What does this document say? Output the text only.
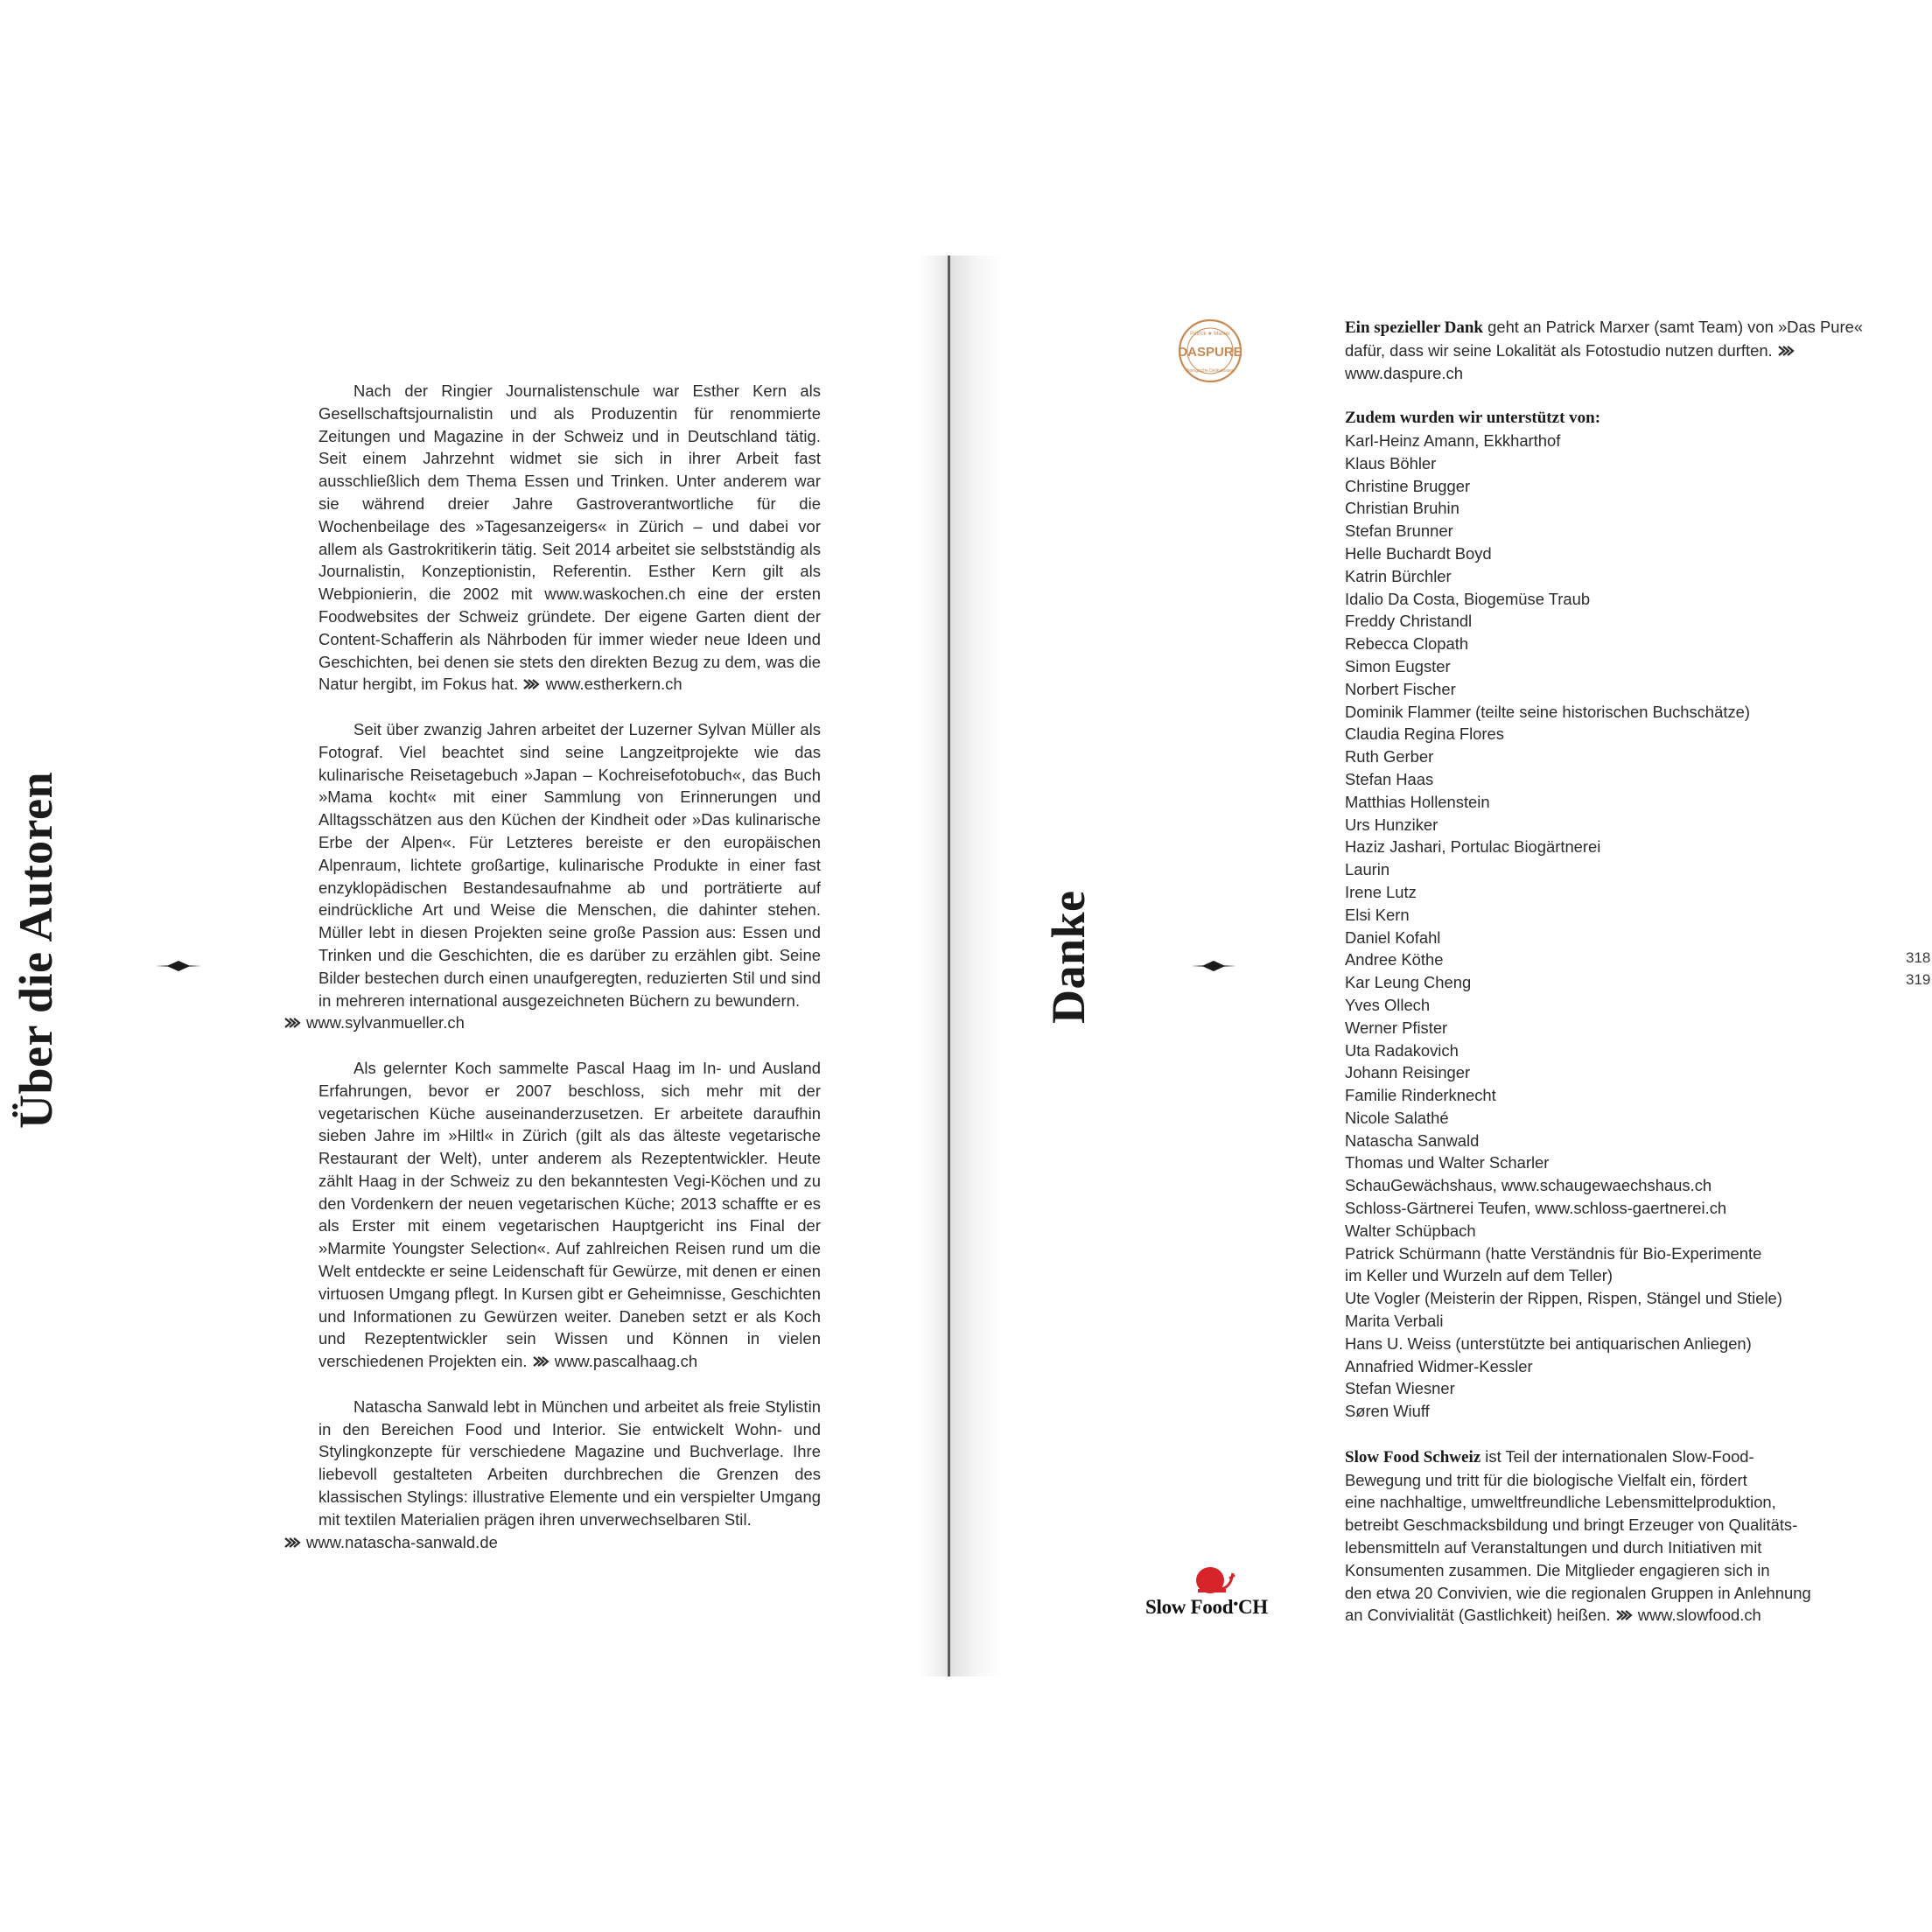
Über die Autoren

Nach der Ringier Journalistenschule war Esther Kern als Gesellschaftsjournalistin und als Produzentin für renommierte Zeitungen und Magazine in der Schweiz und in Deutschland tätig. Seit einem Jahrzehnt widmet sie sich in ihrer Arbeit fast ausschließlich dem Thema Essen und Trinken. Unter anderem war sie während dreier Jahre Gastroverantwortliche für die Wochenbeilage des »Tagesanzeigers« in Zürich – und dabei vor allem als Gastrokritikerin tätig. Seit 2014 arbeitet sie selbstständig als Journalistin, Konzeptionistin, Referentin. Esther Kern gilt als Webpionierin, die 2002 mit www.waskochen.ch eine der ersten Foodwebsites der Schweiz gründete. Der eigene Garten dient der Content-Schafferin als Nährboden für immer wieder neue Ideen und Geschichten, bei denen sie stets den direkten Bezug zu dem, was die Natur hergibt, im Fokus hat. www.estherkern.ch

Seit über zwanzig Jahren arbeitet der Luzerner Sylvan Müller als Fotograf. Viel beachtet sind seine Langzeitprojekte wie das kulinarische Reisetagebuch »Japan – Kochreisefotobuch«, das Buch »Mama kocht« mit einer Sammlung von Erinnerungen und Alltagsschätzen aus den Küchen der Kindheit oder »Das kulinarische Erbe der Alpen«. Für Letzteres bereiste er den europäischen Alpenraum, lichtete großartige, kulinarische Produkte in einer fast enzyklopädischen Bestandesaufnahme ab und porträtierte auf eindrückliche Art und Weise die Menschen, die dahinter stehen. Müller lebt in diesen Projekten seine große Passion aus: Essen und Trinken und die Geschichten, die es darüber zu erzählen gibt. Seine Bilder bestechen durch einen unaufgeregten, reduzierten Stil und sind in mehreren international ausgezeichneten Büchern zu bewundern.
www.sylvanmueller.ch

Als gelernter Koch sammelte Pascal Haag im In- und Ausland Erfahrungen, bevor er 2007 beschloss, sich mehr mit der vegetarischen Küche auseinanderzusetzen. Er arbeitete daraufhin sieben Jahre im »Hiltl« in Zürich (gilt als das älteste vegetarische Restaurant der Welt), unter anderem als Rezeptentwickler. Heute zählt Haag in der Schweiz zu den bekanntesten Vegi-Köchen und zu den Vordenkern der neuen vegetarischen Küche; 2013 schaffte er es als Erster mit einem vegetarischen Hauptgericht ins Final der »Marmite Youngster Selection«. Auf zahlreichen Reisen rund um die Welt entdeckte er seine Leidenschaft für Gewürze, mit denen er einen virtuosen Umgang pflegt. In Kursen gibt er Geheimnisse, Geschichten und Informationen zu Gewürzen weiter. Daneben setzt er als Koch und Rezeptentwickler sein Wissen und Können in vielen verschiedenen Projekten ein. www.pascalhaag.ch

Natascha Sanwald lebt in München und arbeitet als freie Stylistin in den Bereichen Food und Interior. Sie entwickelt Wohn- und Stylingkonzepte für verschiedene Magazine und Buchverlage. Ihre liebevoll gestalteten Arbeiten durchbrechen die Grenzen des klassischen Stylings: illustrative Elemente und ein verspielter Umgang mit textilen Materialien prägen ihren unverwechselbaren Stil.
www.natascha-sanwald.de

Danke
DASPURE
Patrick ★ Marxer
Biologische Delikatessen

Ein spezieller Dank geht an Patrick Marxer (samt Team) von »Das Pure« dafür, dass wir seine Lokalität als Fotostudio nutzen durften. www.daspure.ch

Zudem wurden wir unterstützt von:

Karl-Heinz Amann, Ekkharthof
Klaus Böhler
Christine Brugger
Christian Bruhin
Stefan Brunner
Helle Buchardt Boyd
Katrin Bürchler
Idalio Da Costa, Biogemüse Traub
Freddy Christandl
Rebecca Clopath
Simon Eugster
Norbert Fischer
Dominik Flammer (teilte seine historischen Buchschätze)
Claudia Regina Flores
Ruth Gerber
Stefan Haas
Matthias Hollenstein
Urs Hunziker
Haziz Jashari, Portulac Biogärtnerei
Laurin
Irene Lutz
Elsi Kern
Daniel Kofahl
Andree Köthe
Kar Leung Cheng
Yves Ollech
Werner Pfister
Uta Radakovich
Johann Reisinger
Familie Rinderknecht
Nicole Salathé
Natascha Sanwald
Thomas und Walter Scharler
SchauGewächshaus, www.schaugewaechshaus.ch
Schloss-Gärtnerei Teufen, www.schloss-gaertnerei.ch
Walter Schüpbach
Patrick Schürmann (hatte Verständnis für Bio-Experimente
im Keller und Wurzeln auf dem Teller)
Ute Vogler (Meisterin der Rippen, Rispen, Stängel und Stiele)
Marita Verbali
Hans U. Weiss (unterstützte bei antiquarischen Anliegen)
Annafried Widmer-Kessler
Stefan Wiesner
Søren Wiuff

Slow Food Schweiz ist Teil der internationalen Slow-Food-
Bewegung und tritt für die biologische Vielfalt ein, fördert
eine nachhaltige, umweltfreundliche Lebensmittelproduktion,
betreibt Geschmacksbildung und bringt Erzeuger von Qualitäts-
lebensmitteln auf Veranstaltungen und durch Initiativen mit
Konsumenten zusammen. Die Mitglieder engagieren sich in
den etwa 20 Convivien, wie die regionalen Gruppen in Anlehnung
an Convivialität (Gastlichkeit) heißen. www.slowfood.ch

Slow Food●CH
318
319
